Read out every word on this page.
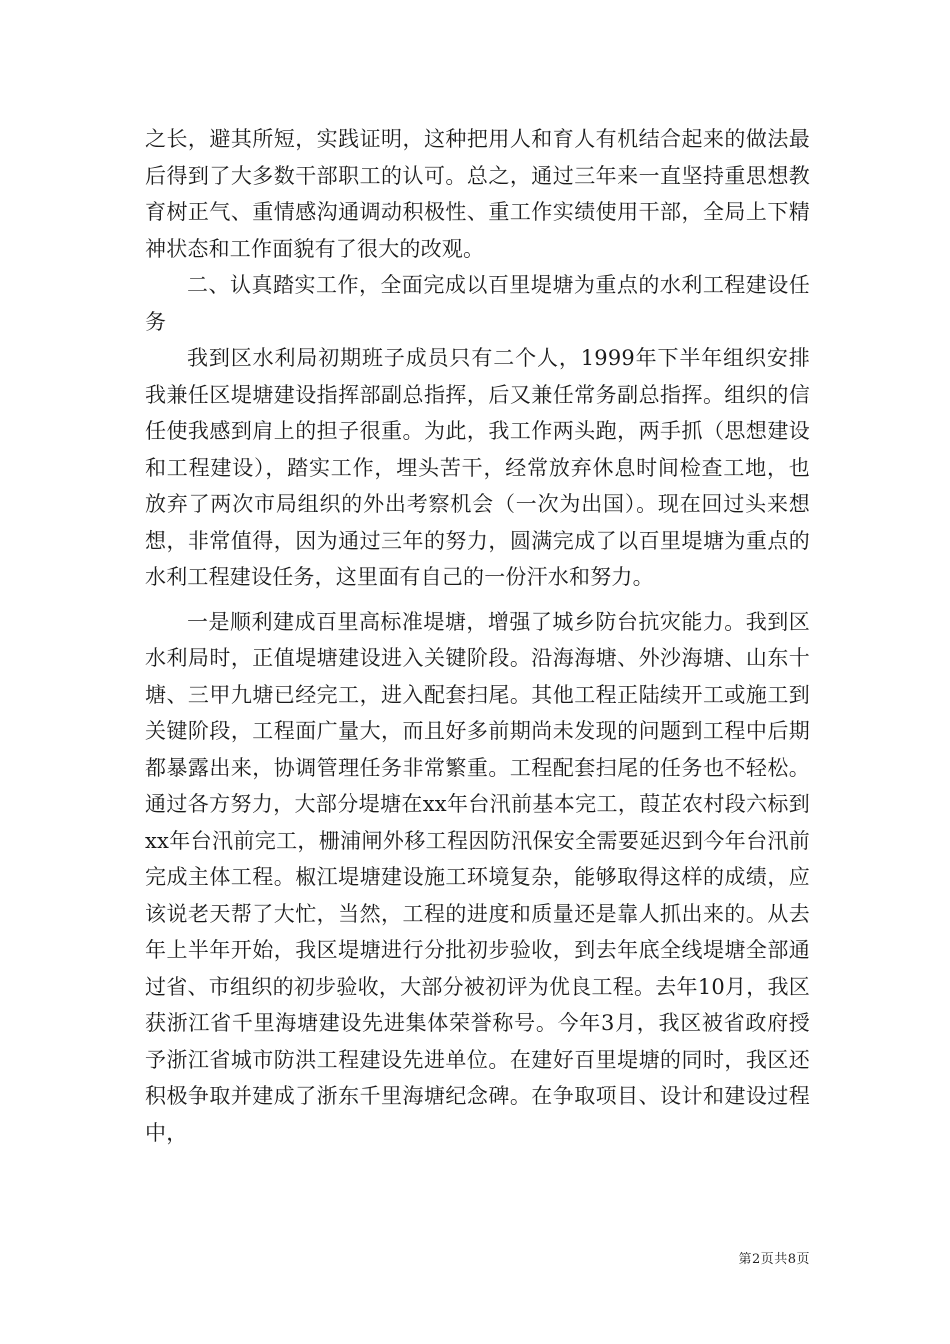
之长，避其所短，实践证明，这种把用人和育人有机结合起来的做法最后得到了大多数干部职工的认可。总之，通过三年来一直坚持重思想教育树正气、重情感沟通调动积极性、重工作实绩使用干部，全局上下精神状态和工作面貌有了很大的改观。

二、认真踏实工作，全面完成以百里堤塘为重点的水利工程建设任务

我到区水利局初期班子成员只有二个人，1999年下半年组织安排我兼任区堤塘建设指挥部副总指挥，后又兼任常务副总指挥。组织的信任使我感到肩上的担子很重。为此，我工作两头跑，两手抓（思想建设和工程建设），踏实工作，埋头苦干，经常放弃休息时间检查工地，也放弃了两次市局组织的外出考察机会（一次为出国）。现在回过头来想想，非常值得，因为通过三年的努力，圆满完成了以百里堤塘为重点的水利工程建设任务，这里面有自己的一份汗水和努力。

一是顺利建成百里高标准堤塘，增强了城乡防台抗灾能力。我到区水利局时，正值堤塘建设进入关键阶段。沿海海塘、外沙海塘、山东十塘、三甲九塘已经完工，进入配套扫尾。其他工程正陆续开工或施工到关键阶段，工程面广量大，而且好多前期尚未发现的问题到工程中后期都暴露出来，协调管理任务非常繁重。工程配套扫尾的任务也不轻松。通过各方努力，大部分堤塘在xx年台汛前基本完工，葭芷农村段六标到xx年台汛前完工，栅浦闸外移工程因防汛保安全需要延迟到今年台汛前完成主体工程。椒江堤塘建设施工环境复杂，能够取得这样的成绩，应该说老天帮了大忙，当然，工程的进度和质量还是靠人抓出来的。从去年上半年开始，我区堤塘进行分批初步验收，到去年底全线堤塘全部通过省、市组织的初步验收，大部分被初评为优良工程。去年10月，我区获浙江省千里海塘建设先进集体荣誉称号。今年3月，我区被省政府授予浙江省城市防洪工程建设先进单位。在建好百里堤塘的同时，我区还积极争取并建成了浙东千里海塘纪念碑。在争取项目、设计和建设过程中，

第2页共8页
